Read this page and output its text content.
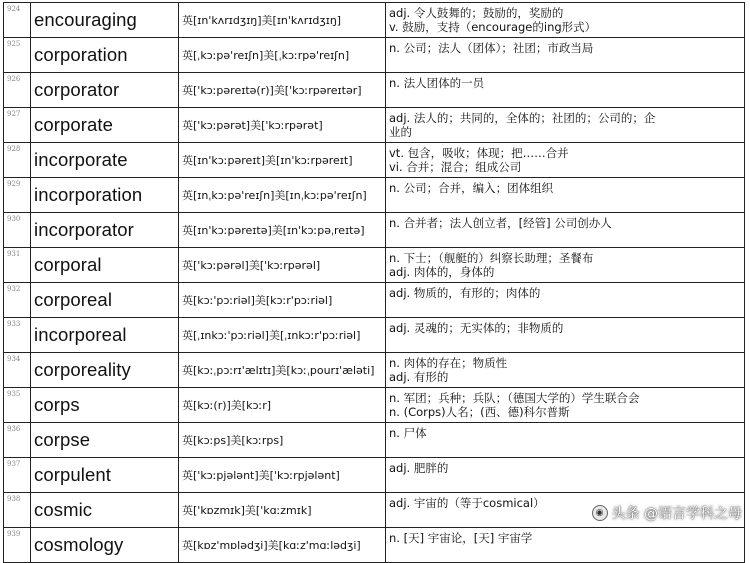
924	encouraging	英[ɪn'kʌrɪdʒɪŋ]美[ɪn'kʌrɪdʒɪŋ]	adj. 令人鼓舞的；鼓励的，奖励的
v. 鼓励，支持（encourage的ing形式）

925	corporation	英[ˌkɔːpə'reɪʃn]美[ˌkɔːrpə'reɪʃn]	n. 公司；法人（团体）；社团；市政当局

926	corporator	英['kɔːpəreɪtə(r)]美['kɔːrpəreɪtər]	n. 法人团体的一员

927	corporate	英['kɔːpərət]美['kɔːrpərət]	adj. 法人的；共同的，全体的；社团的；公司的；企
业的

928	incorporate	英[ɪn'kɔːpəreɪt]美[ɪn'kɔːrpəreɪt]	vt. 包含，吸收；体现；把……合并
vi. 合并；混合；组成公司

929	incorporation	英[ɪnˌkɔːpə'reɪʃn]美[ɪnˌkɔːpə'reɪʃn]	n. 公司；合并，编入；团体组织

930	incorporator	英[ɪn'kɔːpəreɪtə]美[ɪn'kɔːpəˌreɪtə]	n. 合并者；法人创立者，[经管] 公司创办人

931	corporal	英['kɔːpərəl]美['kɔːrpərəl]	n. 下士；（舰艇的）纠察长助理；圣餐布
adj. 肉体的，身体的

932	corporeal	英[kɔː'pɔːriəl]美[kɔːr'pɔːriəl]	adj. 物质的，有形的；肉体的

933	incorporeal	英[ˌɪnkɔː'pɔːriəl]美[ˌɪnkɔːr'pɔːriəl]	adj. 灵魂的；无实体的；非物质的

934	corporeality	英[kɔːˌpɔːrɪ'ælɪtɪ]美[kɔːˌpourɪ'æləti]	n. 肉体的存在；物质性
adj. 有形的

935	corps	英[kɔː(r)]美[kɔːr]	n. 军团；兵种；兵队；（德国大学的）学生联合会
n. (Corps)人名；(西、德)科尔普斯

936	corpse	英[kɔːps]美[kɔːrps]	n. 尸体

937	corpulent	英['kɔːpjələnt]美['kɔːrpjələnt]	adj. 肥胖的

938	cosmic	英['kɒzmɪk]美['kɑːzmɪk]	adj. 宇宙的（等于cosmical）

939	cosmology	英[kɒz'mɒlədʒi]美[kɑːz'mɑːlədʒi]	n. [天] 宇宙论，[天] 宇宙学
◉ 头条 @语言学科之母
